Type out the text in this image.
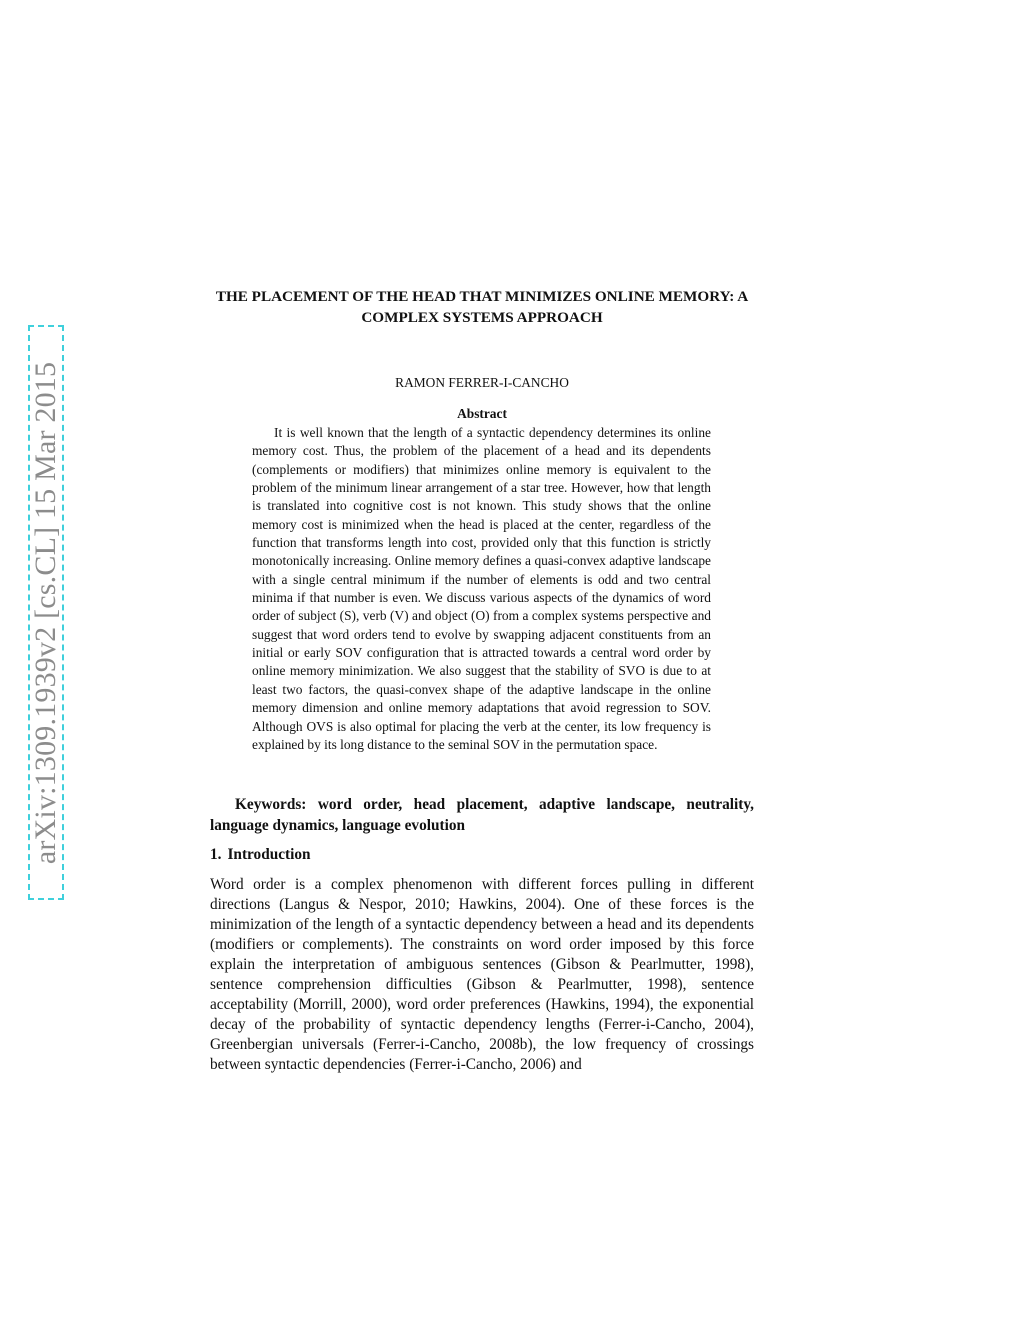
arXiv:1309.1939v2 [cs.CL] 15 Mar 2015
THE PLACEMENT OF THE HEAD THAT MINIMIZES ONLINE MEMORY: A COMPLEX SYSTEMS APPROACH
RAMON FERRER-I-CANCHO
Abstract

It is well known that the length of a syntactic dependency determines its online memory cost. Thus, the problem of the placement of a head and its dependents (complements or modifiers) that minimizes online memory is equivalent to the problem of the minimum linear arrangement of a star tree. However, how that length is translated into cognitive cost is not known. This study shows that the online memory cost is minimized when the head is placed at the center, regardless of the function that transforms length into cost, provided only that this function is strictly monotonically increasing. Online memory defines a quasi-convex adaptive landscape with a single central minimum if the number of elements is odd and two central minima if that number is even. We discuss various aspects of the dynamics of word order of subject (S), verb (V) and object (O) from a complex systems perspective and suggest that word orders tend to evolve by swapping adjacent constituents from an initial or early SOV configuration that is attracted towards a central word order by online memory minimization. We also suggest that the stability of SVO is due to at least two factors, the quasi-convex shape of the adaptive landscape in the online memory dimension and online memory adaptations that avoid regression to SOV. Although OVS is also optimal for placing the verb at the center, its low frequency is explained by its long distance to the seminal SOV in the permutation space.

Keywords: word order, head placement, adaptive landscape, neutrality, language dynamics, language evolution

1. Introduction

Word order is a complex phenomenon with different forces pulling in different directions (Langus & Nespor, 2010; Hawkins, 2004). One of these forces is the minimization of the length of a syntactic dependency between a head and its dependents (modifiers or complements). The constraints on word order imposed by this force explain the interpretation of ambiguous sentences (Gibson & Pearlmutter, 1998), sentence comprehension difficulties (Gibson & Pearlmutter, 1998), sentence acceptability (Morrill, 2000), word order preferences (Hawkins, 1994), the exponential decay of the probability of syntactic dependency lengths (Ferrer-i-Cancho, 2004), Greenbergian universals (Ferrer-i-Cancho, 2008b), the low frequency of crossings between syntactic dependencies (Ferrer-i-Cancho, 2006) and
